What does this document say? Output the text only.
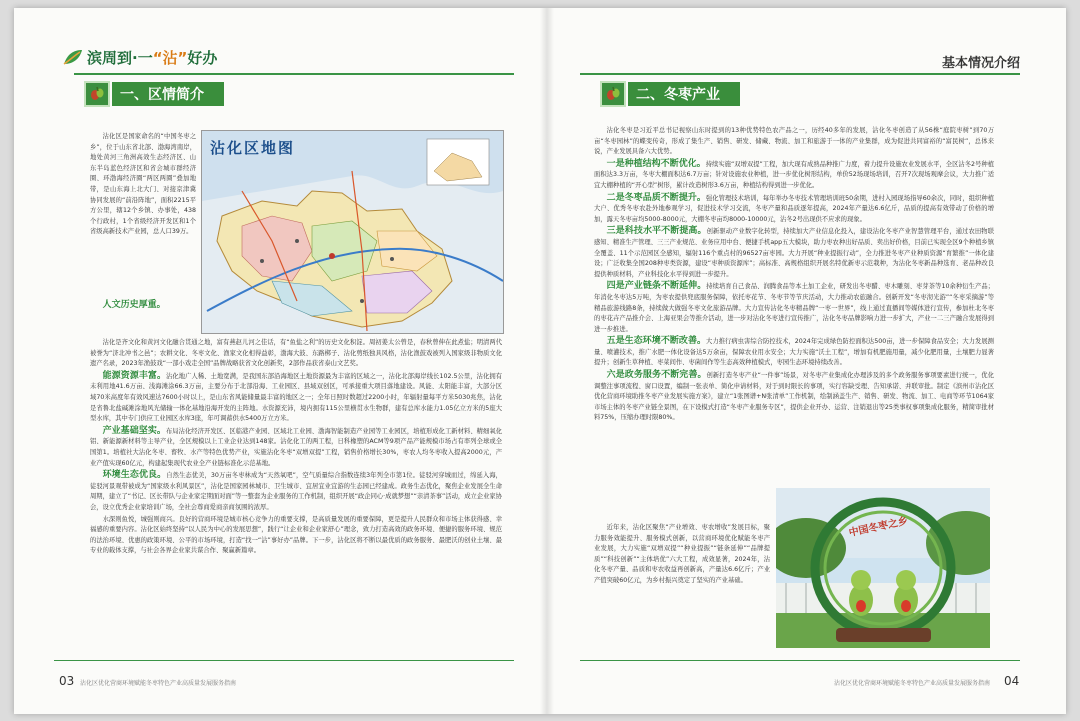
滨周到·一 “沾” 好办	基本情况介绍
一、区情简介

沾化区是国家命名的“中国冬枣之乡”，位于山东省北部、渤海湾南岸，地处黄河三角洲高效生态经济区、山东半岛蓝色经济区和省会城市群经济圈、环渤海经济圈“两区两圈”叠加地带，是山东海上北大门、对接京津冀协同发展的“前沿阵地”，面积2215平方公里，辖12个乡镇、办事处，438个行政村，1个省级经济开发区和1个省级高新技术产业园，总人口39万。

沾化区地图

人文历史厚重。

沾化是齐文化和黄河文化融合贯通之地，富有燕赵儿河之佳话，有“鱼盐之利”的历史文化积淀。周初姜太公曾是，春秋曾伸在此煮盐；明清两代被誉为“济北冲书之邑”；农耕文化、冬枣文化、渔家文化相得益彰，渤海大鼓、东路梆子、沾化剪纸独具风格，沾化渔鼓戏被列入国家级非物质文化遗产名录，2023年渔鼓戏“一部小戏走全国”品牌战略获省文化创新奖，2部作品获省泰山文艺奖。

能源资源丰富。沾化地广人稀、土地宽满，是我国东部沿海地区土地资源最为丰富的区域之一，沾化北部海岸线长102.5公里，沾化拥有未利用地41.6万亩、浅海滩涂66.3万亩，主要分布于北部沿海、工业园区、县域双创区，可承接重大项目落地建设。风能、太阳能丰富，大部分区域70米高度年有效风速达7600小时以上，是山东省风能储量最丰富的地区之一；全年日照时数超过2200小时，年辐射量每平方米5030兆焦，沾化是省鲁北盐碱滩涂地风光储输一体化基地沿海开发的主阵地。水资源充沛，境内拥有115公里横贯水生物群，建有总库水能力1.05亿立方米的5座大型水库，其中专门供应工业园区水库3座，年可调蓄供水5400万立方米。

产业基础坚实。布局沾化经济开发区、区临港产业园、区域北工业园、渤海智能制造产业园等工业园区，培植形成化工新材料、精细氧化铝、新能源新材料等主导产业，全区规模以上工业企业达到148家。沾化化工的两工程，日科橡塑的ACM等9项产品产能规模市场占有率列全球或全国第1。培植社大沾化冬枣、畜牧、水产等特色优势产业，实施沾化冬枣“双增双提”工程，销售价格增长30%，枣农人均冬枣收入提高2000元，产业产值实现60亿元，构建起集现代农业全产业链标准化示范基地。

环境生态优良。自然生态优美，30万亩冬枣林成为“天然氧吧”，空气质量综合指数连续3年列全市第1位。徒驳河穿城而过，绵延入海，徒驳河景观带被成为“国家级水利风景区”，沾化是国家园林城市、卫生城市、宜居宜业宜游的生态园已经建成。政务生态优化，聚焦企业发展全生命周期，建立了“书记、区长带队与企业家定期面对面”等一整套为企业服务的工作机制，组织开展“政企同心·成就梦想”“亲清茶事”活动，成立企业家协会，设立优秀企业家培训广场，全社会尊商爱商亲商氛围的浓厚。

水深则鱼悦，城强则商兴。良好的营商环境是城市核心竞争力的重要支撑，是高质量发展的重要保障，更是提升人民群众和市场主体获得感、幸福感的重要内容。沾化区始终坚持“以人民为中心的发展思想”，践行“让企业和企业家舒心”理念，致力打造高效的政务环境、便捷的服务环境、规范的法治环境、优惠的政策环境、公平的市场环境，打造“找一“沾”事好办”品牌。下一步，沾化区将不断以最优质的政务服务、最肥沃的创业土壤、最专业的载体支撑，与社会各界企业家共谋合作、聚赢新篇章。

03 沾化区优化营商环境赋能冬枣特色产业高质量发展服务指南
二、冬枣产业

沾化冬枣是习近平总书记视察山东时提到的13种优势特色农产品之一，历经40多年的发展，沾化冬枣创造了从56株“庭院枣树”到70万亩“冬枣园林”的蝶变传奇，形成了集生产、销售、研发、储藏、物流、加工和旅游于一体的产业集群，成为促进共同富裕的“富民树”，总体来说，产业发展具备六大优势。

一是种植结构不断优化。持续实施“双增双提”工程，加大现有成熟品种推广力度，着力提升设施农业发展水平，全区沾冬2号种植面积达3.3万亩，冬枣大棚面积达6.7万亩；针对设施农业种植，进一步优化树形结构，单价52场现场培训，召开7次现场观摩会议，大力推广适宜大棚种植的“开心型”树形，累计改造树形3.6万亩，种植结构得到进一步优化。

二是冬枣品质不断提升。强化管理技术培训，每年举办冬枣技术管理培训班50余期，进村入园现场指导60余次，同时，组织种植大户、优秀冬枣农赴外地参观学习，促进技术学习交流，冬枣产量和品质逐年提高，2024年产量达6.6亿斤，品质的提高有效带动了价格的增加，露天冬枣亩均5000-8000元，大棚冬枣亩均8000-10000元，沾冬2号出现供不应求的现象。

三是科技水平不断提高。创新驱动产业数字化转型，持续加大产业信息化投入，建设沾化冬枣产业智慧管理平台，通过农田物联感知、精准生产管理、三三产业规范、业务应用中台、便捷手机app五大模块，助力枣农种出好品质、卖出好价格，目前已实现全区9个种植乡镇全覆盖、11个示范园区全感知，辐射116个重点村的96527亩枣园。大力开展“种业提振行动”，全力推进冬枣产业种质资源“育繁推”一体化建设；广泛收集全国208种枣类资源，建设“枣种质资源库”；高标准、高规格组织开展名特优新枣示范栽种，为沾化冬枣新品种选育、老品种改良提供种质材料，产业科技化水平得到进一步提升。

四是产业链条不断延伸。持续培育自己食品、润腾食品等本土加工企业，研发出冬枣醋、枣木雕刻、枣芽茶等10余种衍生产品；年消化冬枣达5万吨，为枣农提供兜底服务保障，依托枣花节、冬枣节等节庆活动，大力推动农旅融合。创新开发“冬枣沏光游”“冬枣采摘游”等精品旅游线路8条，持续做大做强冬枣文化旅游品牌。大力宣传沾化冬枣精品牌“一枣一世界”，线上通过直播间等媒体进行宣传，参加杜北冬枣的枣花卉产品推介会、上海亚果会等推介活动，进一步对沾化冬枣进行宣传推广，沾化冬枣品牌影响力进一步扩大，产业一二三产融合发展得到进一步推进。

五是生态环境不断改善。大力推行病虫害综合防控技术，2024年完成绿色防控面积达500亩，进一步保障食品安全；大力发展测量、喷灌技术，推广水肥一体化设备达5万余亩，保障农业用水安全；大力实施“沃土工程”，增加有机肥施用量，减少化肥用量，土壤肥力显著提升；创新生草种植、枣菜间作、枣菌间作等生态高效种植模式，枣园生态环境持续改善。

六是政务服务不断完善。创新打造冬枣产业“一件事”场景，对冬枣产业集成化办理涉及的多个政务服务事项要素进行统一，优化调整注事项流程、窗口设置，编制一张表单、简化申请材料，对于到时限长的事项，实行容缺受理、告知承诺、并联审批。制定《滨州市沾化区优化营商环境助推冬枣产业发展实施方案》，建立“1张图谱+N张清单”工作机制，绘制涵盖生产、销售、研发、物流、加工、电商等环节1064家市场主体的冬枣产业链全景图，在下设模式打造“冬枣产业服务专区”，提供企业开办、运营、注销退出等25类事权事项集成化服务，精简审批材料75%，压缩办理时限80%。

近年来，沾化区聚焦“产业增效、枣农增收”发展目标，聚力服务效能提升、服务模式创新，以营商环境优化赋能冬枣产业发展，大力实施“双增双提”“种业提振”“链条延伸”“品牌提质”“科技创新”“主体培优”六大工程，成效显著，2024年，沾化冬枣产量、品质和枣农收益再创新高，产量达6.6亿斤；产业产值突破60亿元，为乡村振兴奠定了坚实的产业基础。

中国冬枣之乡
沾化区优化营商环境赋能冬枣特色产业高质量发展服务指南 04
